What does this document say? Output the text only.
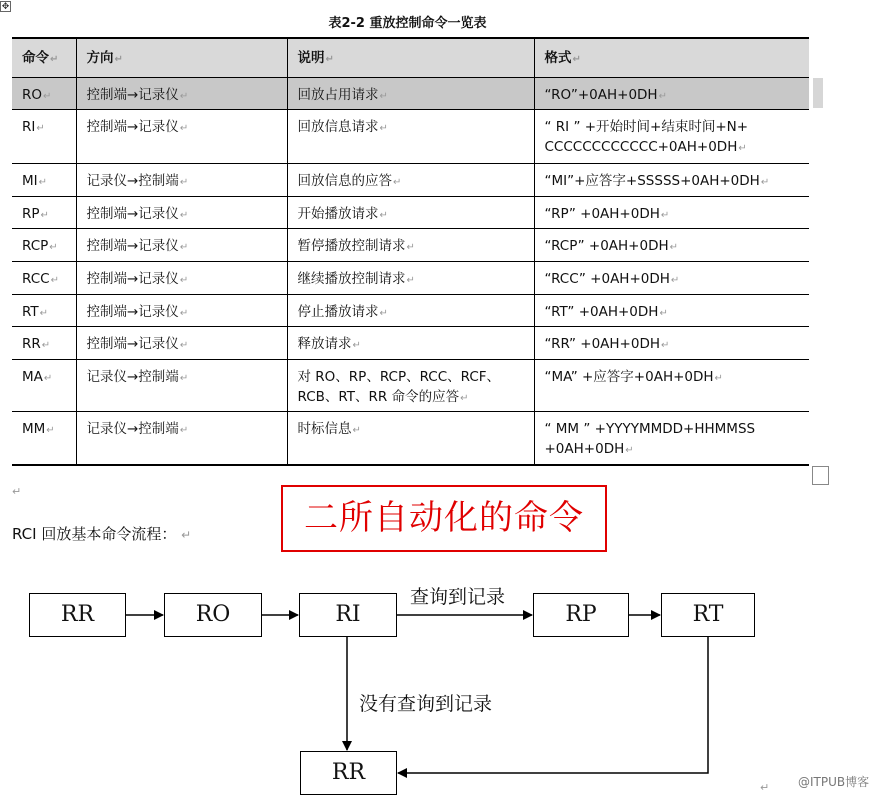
✥
表2-2 重放控制命令一览表
命令↵	方向↵	说明↵	格式↵
RO↵	控制端→记录仪↵	回放占用请求↵	“RO”+0AH+0DH↵
RI↵	控制端→记录仪↵	回放信息请求↵	“ RI ” +开始时间+结束时间+N+ CCCCCCCCCCCC+0AH+0DH↵
MI↵	记录仪→控制端↵	回放信息的应答↵	“MI”+应答字+SSSSS+0AH+0DH↵
RP↵	控制端→记录仪↵	开始播放请求↵	“RP” +0AH+0DH↵
RCP↵	控制端→记录仪↵	暂停播放控制请求↵	“RCP” +0AH+0DH↵
RCC↵	控制端→记录仪↵	继续播放控制请求↵	“RCC” +0AH+0DH↵
RT↵	控制端→记录仪↵	停止播放请求↵	“RT” +0AH+0DH↵
RR↵	控制端→记录仪↵	释放请求↵	“RR” +0AH+0DH↵
MA↵	记录仪→控制端↵	对 RO、RP、RCP、RCC、RCF、RCB、RT、RR 命令的应答↵	“MA” +应答字+0AH+0DH↵
MM↵	记录仪→控制端↵	时标信息↵	“ MM ” +YYYYMMDD+HHMMSS +0AH+0DH↵
↵
RCI 回放基本命令流程： ↵	二所自动化的命令
RR	RO	RI	RP	RT
RR
查询到记录
没有查询到记录
↵ @ITPUB博客
